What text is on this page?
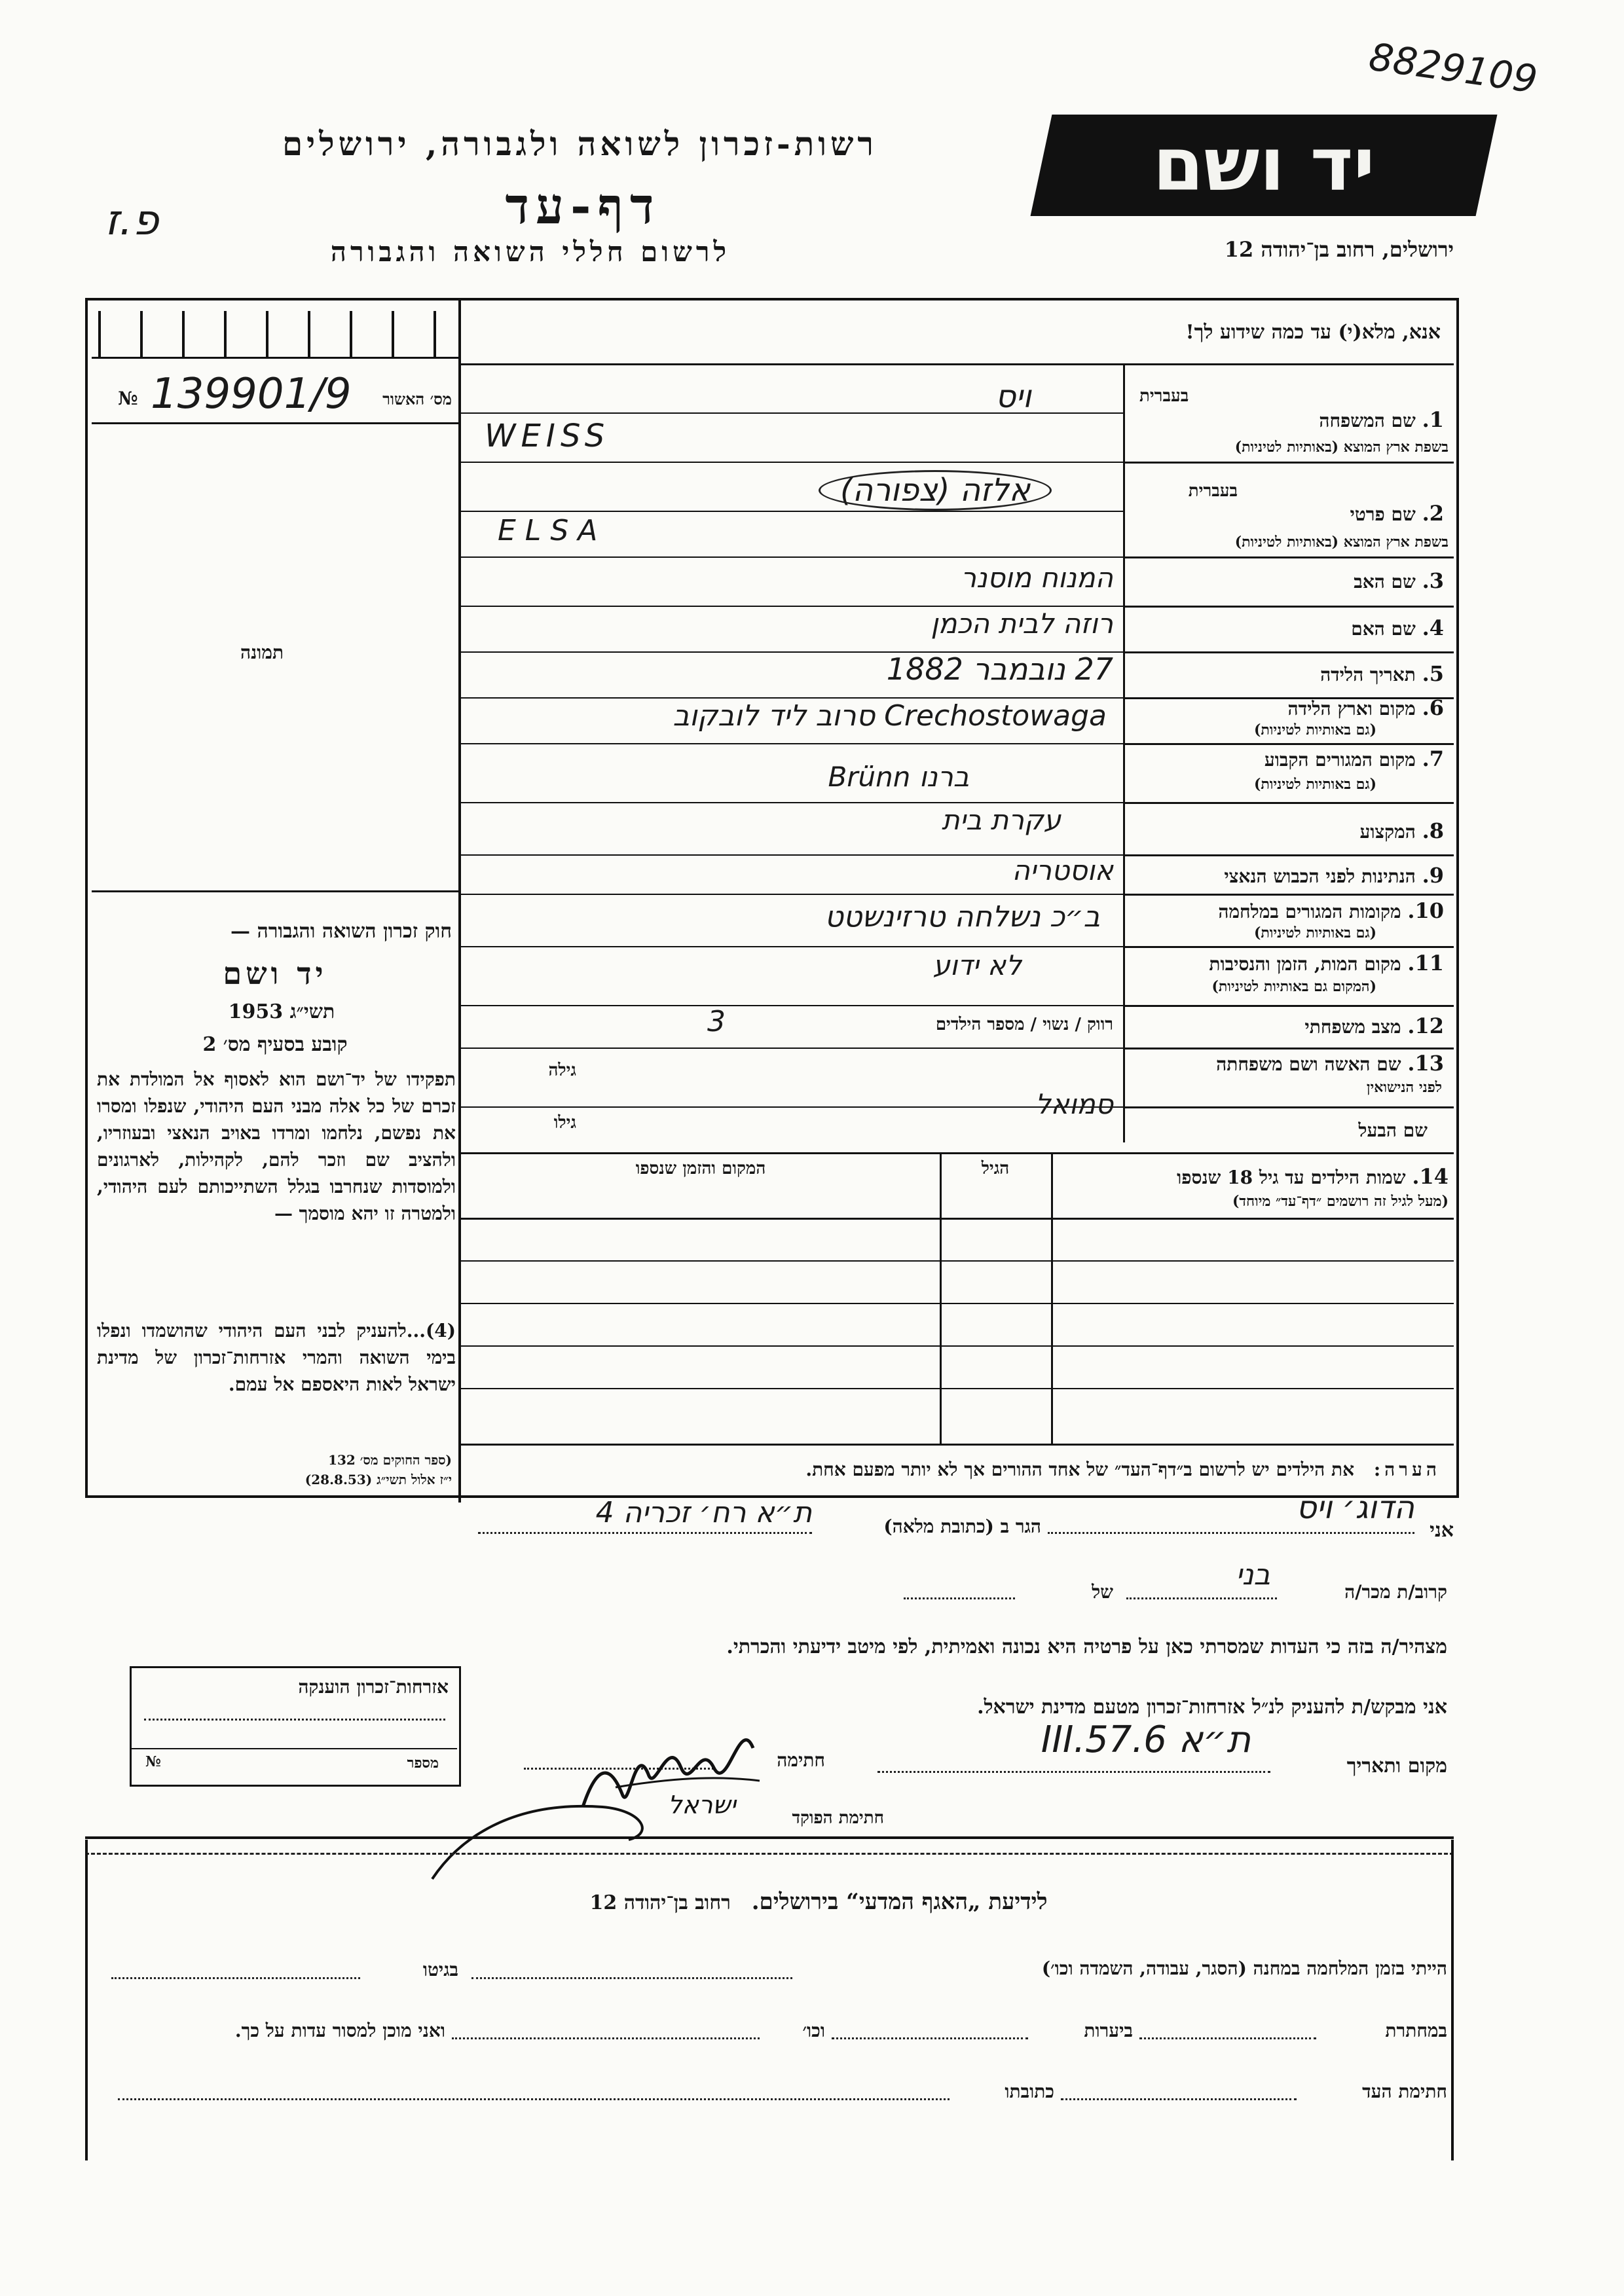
8829109
יד ושם
רשות-זכרון לשואה ולגבורה, ירושלים
דף-עד
לרשום חללי השואה והגבורה	ירושלים, רחוב בן־יהודה 12
פ.ז
מס׳ האשור
№ 139901/9
תמונה
חוק זכרון השואה והגבורה —
יד ושם
תשי״ג 1953
קובע בסעיף מס׳ 2
תפקידו של יד־ושם הוא לאסוף אל המולדת את זכרם של כל אלה מבני העם היהודי, שנפלו ומסרו את נפשם, נלחמו ומרדו באויב הנאצי ובעוזריו, ולהציב שם וזכר להם, לקהילות, לארגונים ולמוסדות שנחרבו בגלל השתייכותם לעם היהודי, ולמטרה זו יהא מוסמך —
(4)...להעניק לבני העם היהודי שהושמדו ונפלו בימי השואה והמרי אזרחות־זכרון של מדינת ישראל לאות היאספם אל עמם.
(ספר החוקים מס׳ 132
י״ז אלול תשי״ג (28.8.53)
אנא, מלא(י) עד כמה שידוע לך!
בעברית
1. שם המשפחה
בשפת ארץ המוצא (באותיות לטיניות)
ויס
WEISS
בעברית
2. שם פרטי
בשפת ארץ המוצא (באותיות לטיניות)
אלזה (צפורה)
ELSA
3. שם האב
המנוח מוסנר
4. שם האם
רוזה לבית הכמן
5. תאריך הלידה
27 נובמבר 1882
6. מקום וארץ הלידה
(גם באותיות לטיניות)
Crechostowaga סרוב ליד לובקוב
7. מקום המגורים הקבוע
(גם באותיות לטיניות)
ברנו Brünn
8. המקצוע
עקרת בית
9. הנתינות לפני הכבוש הנאצי
אוסטריה
10. מקומות המגורים במלחמה
(גם באותיות לטיניות)
ב״כ נשלחה טרזינשטט
11. מקום המות, הזמן והנסיבות
(המקום גם באותיות לטיניות)
לא ידוע
12. מצב משפחתי
רווק / נשוי / מספר הילדים
3
13. שם האשה ושם משפחתה
לפני הנישואין
גילה
שם הבעל
סמואל
גילו
14. שמות הילדים עד גיל 18 שנספו
(מעל לגיל זה רושמים ״דף־עד״ מיוחד)
הגיל
המקום והזמן שנספו
הערה: את הילדים יש לרשום ב״דף־העד״ של אחד ההורים אך לא יותר מפעם אחת.
אני
הדוג׳ ויס
הגר ב (כתובת מלאה)
ת״א רח׳ זכריה 4
קרוב/ת מכר/ה
בני
של
מצהיר/ה בזה כי העדות שמסרתי כאן על פרטיה היא נכונה ואמיתית, לפי מיטב ידיעתי והכרתי.
אני מבקש/ת להעניק לנ״ל אזרחות־זכרון מטעם מדינת ישראל.
מקום ותאריך
ת״א 6.III.57
חתימה
חתימת הפוקד
ישראל
אזרחות־זכרון הוענקה
מספר
№
לידיעת „האגף המדעי“ בירושלים. רחוב בן־יהודה 12
הייתי בזמן המלחמה במחנה (הסגר, עבודה, השמדה וכו׳)
בגיטו
במחתרת
ביערות
וכו׳
ואני מוכן למסור עדות על כך.
חתימת העד
כתובתו
